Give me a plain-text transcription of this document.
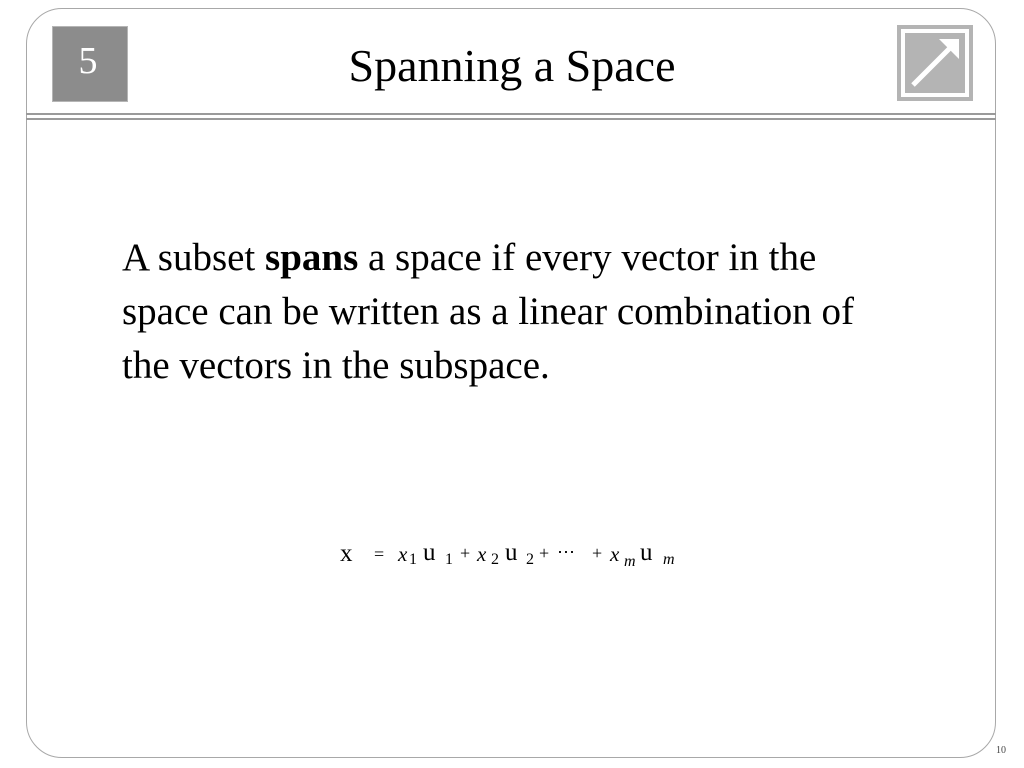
5	Spanning a Space
A subset spans a space if every vector in the space can be written as a linear combination of the vectors in the subspace.
x = x 1 u 1 + x 2 u 2 + ⋯ + x m u m
10
